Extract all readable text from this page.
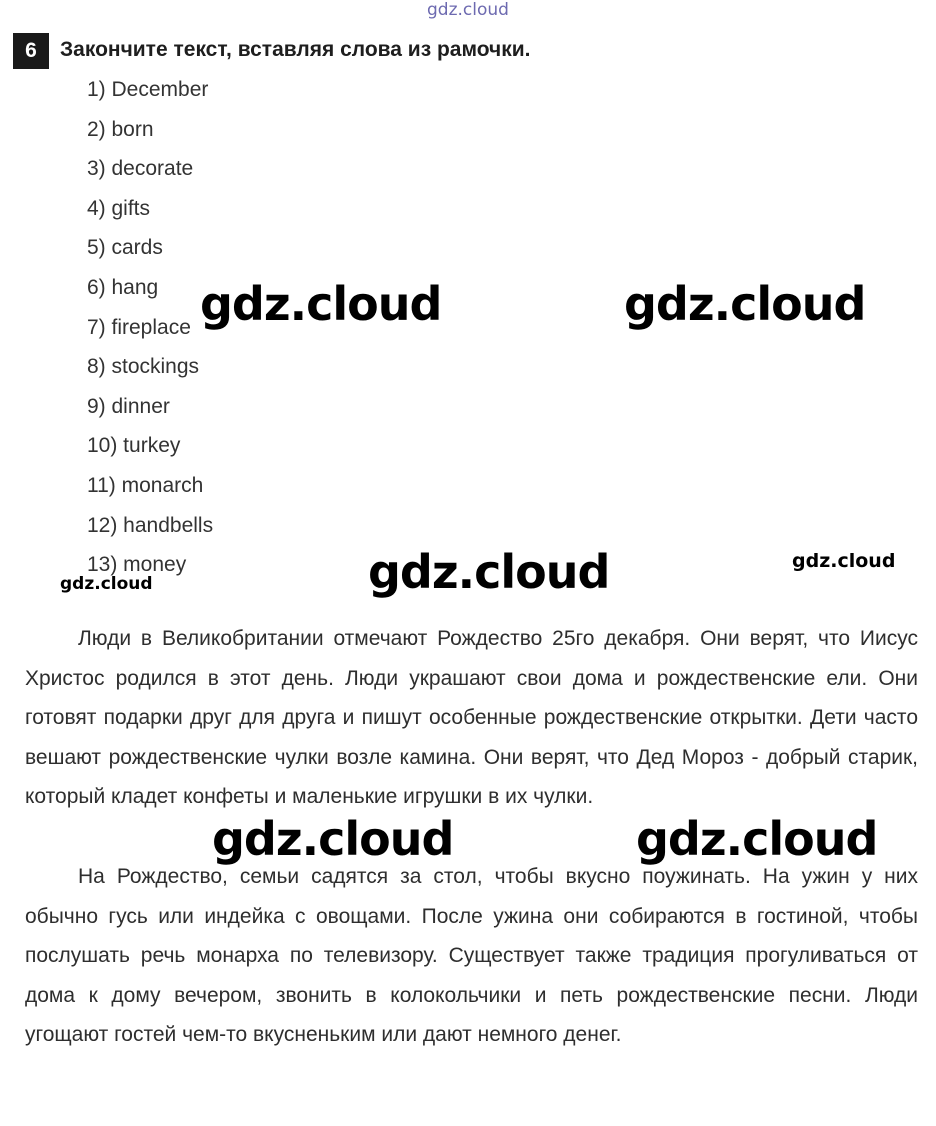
gdz.cloud
6	Закончите текст, вставляя слова из рамочки.
1) December
2) born
3) decorate
4) gifts
5) cards
6) hang
7) fireplace
8) stockings
9) dinner
10) turkey
11) monarch
12) handbells
13) money

Люди в Великобритании отмечают Рождество 25го декабря. Они верят, что Иисус Христос родился в этот день. Люди украшают свои дома и рождественские ели. Они готовят подарки друг для друга и пишут особенные рождественские открытки. Дети часто вешают рождественские чулки возле камина. Они верят, что Дед Мороз - добрый старик, который кладет конфеты и маленькие игрушки в их чулки.

На Рождество, семьи садятся за стол, чтобы вкусно поужинать. На ужин у них обычно гусь или индейка с овощами. После ужина они собираются в гостиной, чтобы послушать речь монарха по телевизору. Существует также традиция прогуливаться от дома к дому вечером, звонить в колокольчики и петь рождественские песни. Люди угощают гостей чем-то вкусненьким или дают немного денег.

gdz.cloud	gdz.cloud
gdz.cloud	gdz.cloud
gdz.cloud
gdz.cloud	gdz.cloud
